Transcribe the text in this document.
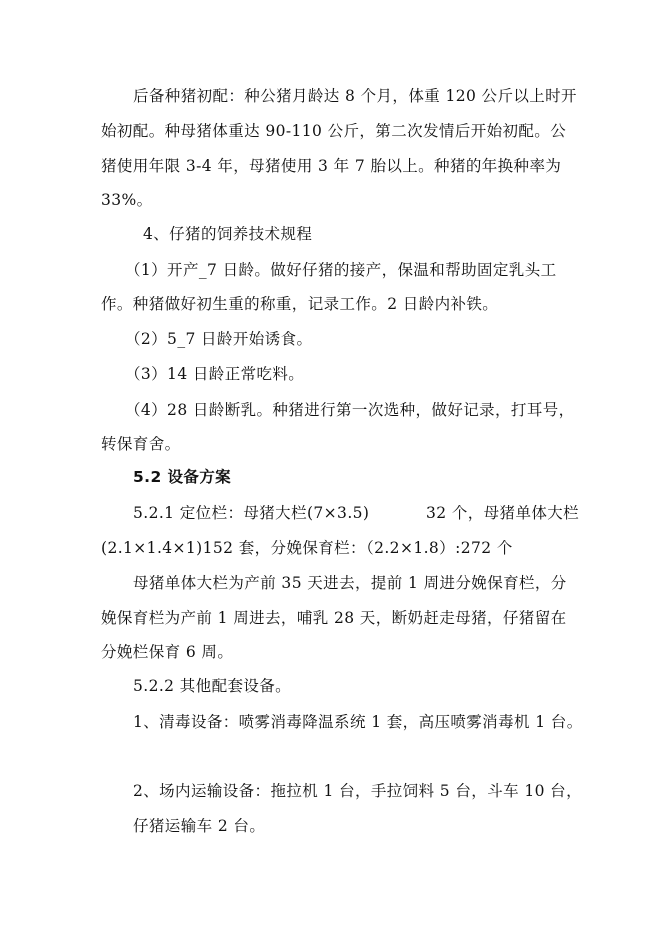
后备种猪初配：种公猪月龄达 8 个月，体重 120 公斤以上时开
始初配。种母猪体重达 90-110 公斤，第二次发情后开始初配。公
猪使用年限 3-4 年，母猪使用 3 年 7 胎以上。种猪的年换种率为
33%。
4、仔猪的饲养技术规程
（1）开产_7 日龄。做好仔猪的接产，保温和帮助固定乳头工
作。种猪做好初生重的称重，记录工作。2 日龄内补铁。
（2）5_7 日龄开始诱食。
（3）14 日龄正常吃料。
（4）28 日龄断乳。种猪进行第一次选种，做好记录，打耳号，
转保育舍。
5.2 设备方案
5.2.1 定位栏：母猪大栏(7×3.5)	32 个，母猪单体大栏
(2.1×1.4×1)152 套，分娩保育栏：（2.2×1.8）:272 个
母猪单体大栏为产前 35 天进去，提前 1 周进分娩保育栏，分
娩保育栏为产前 1 周进去，哺乳 28 天，断奶赶走母猪，仔猪留在
分娩栏保育 6 周。
5.2.2 其他配套设备。
1、清毒设备：喷雾消毒降温系统 1 套，高压喷雾消毒机 1 台。
2、场内运输设备：拖拉机 1 台，手拉饲料 5 台，斗车 10 台，
仔猪运输车 2 台。
